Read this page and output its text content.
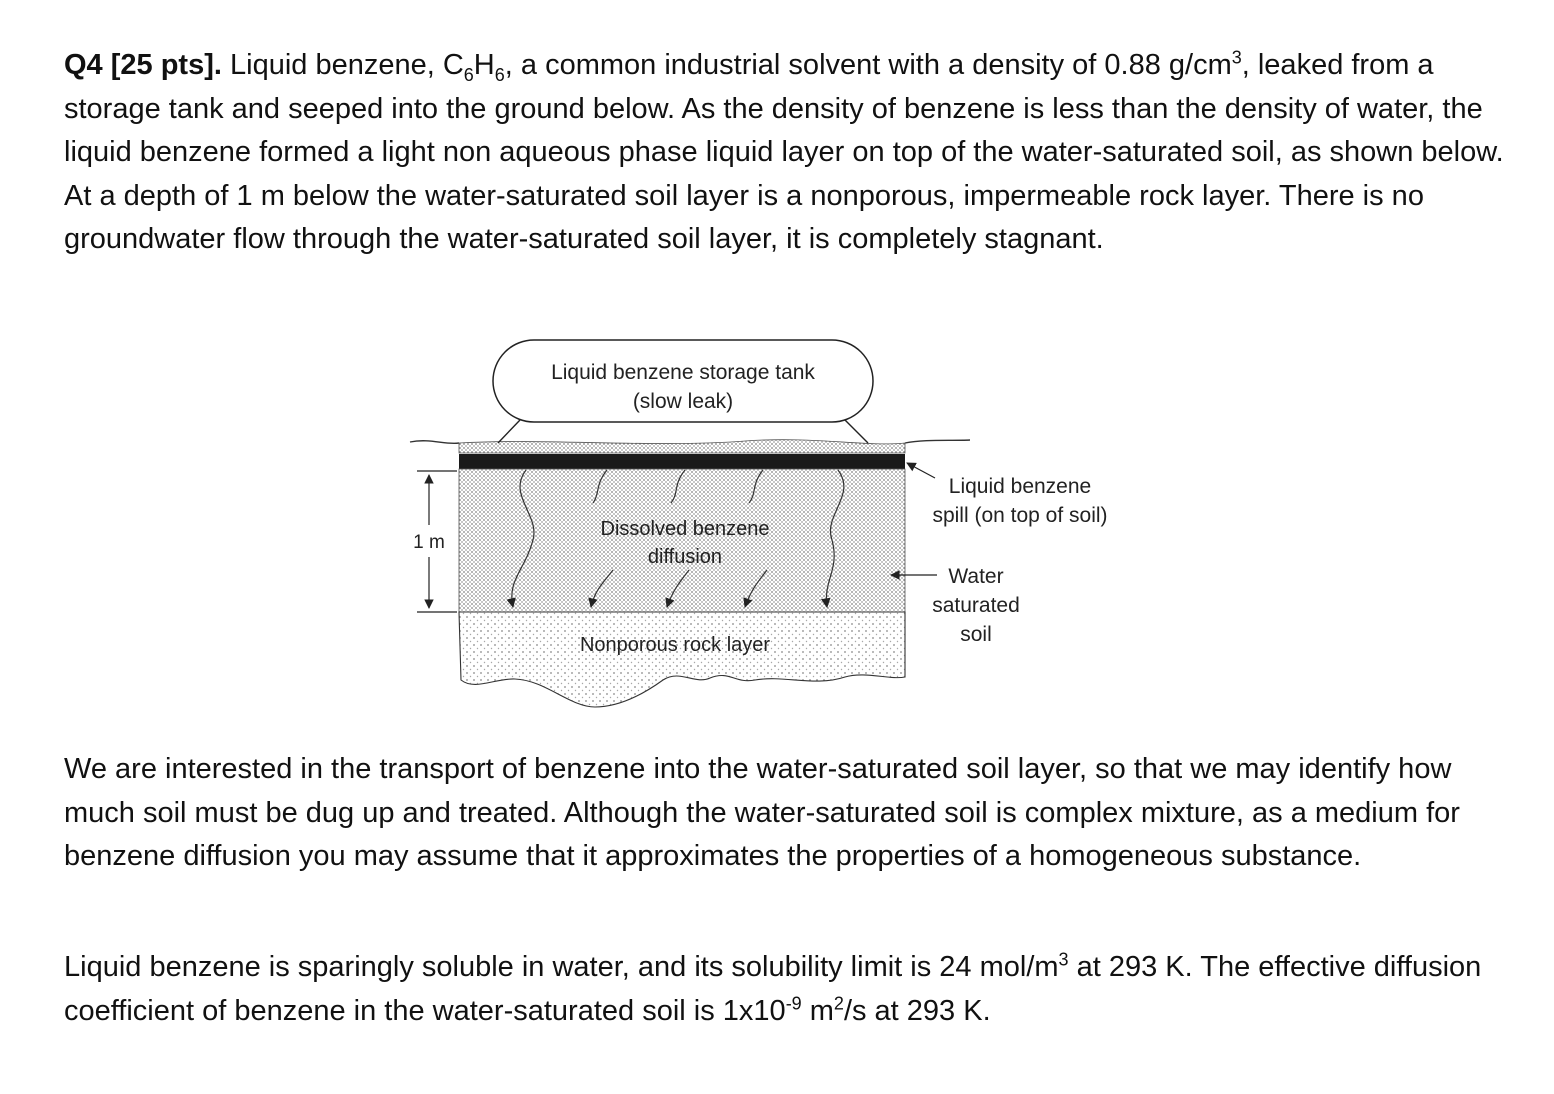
Q4 [25 pts]. Liquid benzene, $C_6H_6$, a common industrial solvent with a density of 0.88 $g/cm^3$, leaked from a storage tank and seeped into the ground below. As the density of benzene is less than the density of water, the liquid benzene formed a light non aqueous phase liquid layer on top of the water-saturated soil, as shown below. At a depth of 1 m below the water-saturated soil layer is a nonporous, impermeable rock layer. There is no groundwater flow through the water-saturated soil layer, it is completely stagnant.

Liquid benzene storage tank
(slow leak)
Dissolved benzene
diffusion
Nonporous rock layer
1 m
Liquid benzene
spill (on top of soil)
Water
saturated
soil

We are interested in the transport of benzene into the water-saturated soil layer, so that we may identify how much soil must be dug up and treated. Although the water-saturated soil is complex mixture, as a medium for benzene diffusion you may assume that it approximates the properties of a homogeneous substance.

Liquid benzene is sparingly soluble in water, and its solubility limit is 24 mol/$m^3$ at 293 K. The effective diffusion coefficient of benzene in the water-saturated soil is $1x10^{-9}$ $m^2/s$ at 293 K.
